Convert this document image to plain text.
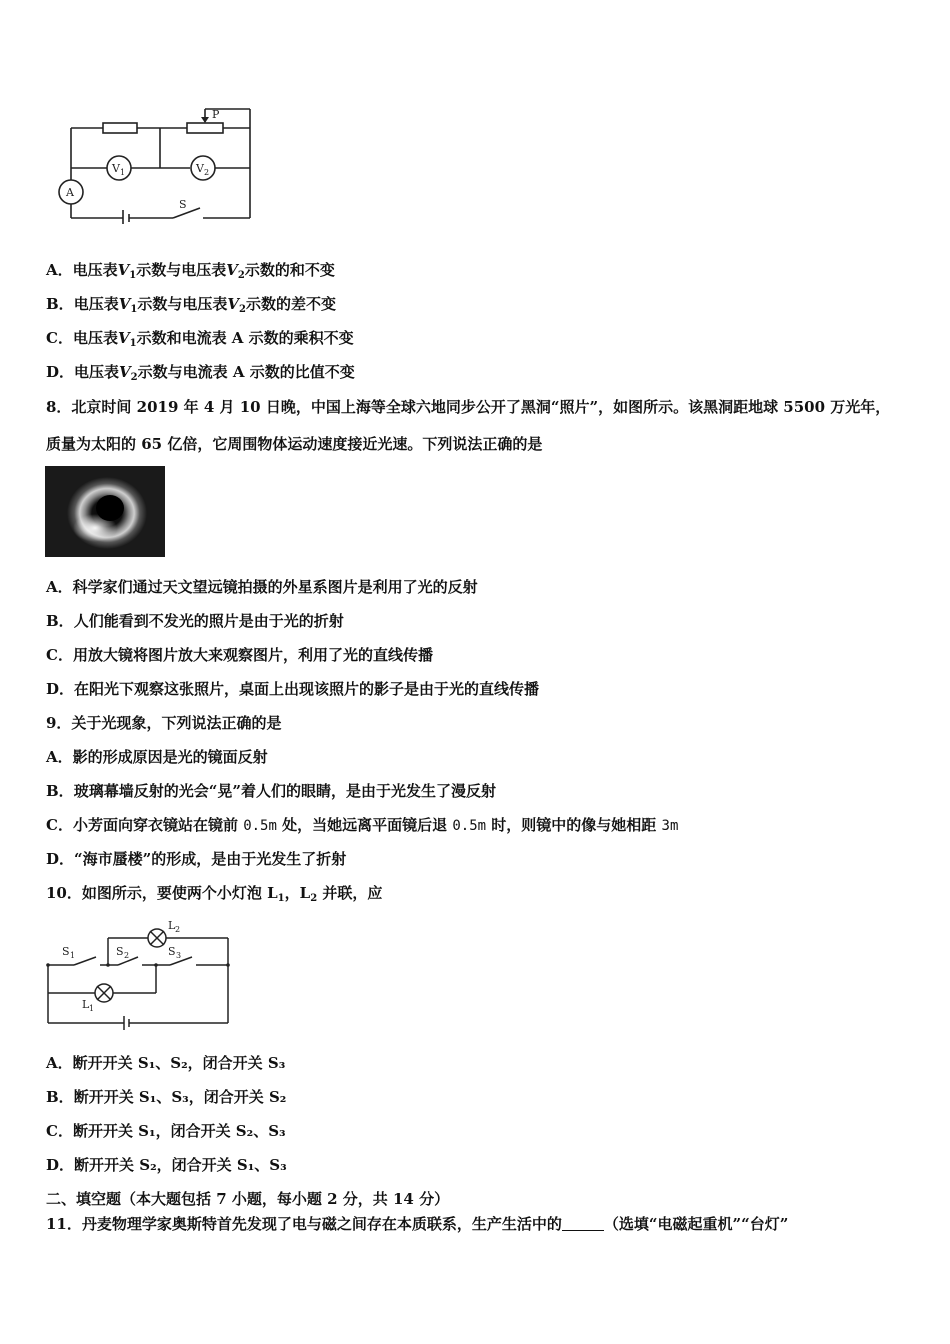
P
V 1	V 2
A
S
A．电压表$V_1$示数与电压表$V_2$示数的和不变
B．电压表$V_1$示数与电压表$V_2$示数的差不变
C．电压表$V_1$示数和电流表 A 示数的乘积不变
D．电压表$V_2$示数与电流表 A 示数的比值不变
8．北京时间 2019 年 4 月 10 日晚，中国上海等全球六地同步公开了黑洞“照片”，如图所示。该黑洞距地球 5500 万光年，
质量为太阳的 65 亿倍，它周围物体运动速度接近光速。下列说法正确的是
A．科学家们通过天文望远镜拍摄的外星系图片是利用了光的反射
B．人们能看到不发光的照片是由于光的折射
C．用放大镜将图片放大来观察图片，利用了光的直线传播
D．在阳光下观察这张照片，桌面上出现该照片的影子是由于光的直线传播
9．关于光现象，下列说法正确的是
A．影的形成原因是光的镜面反射
B．玻璃幕墙反射的光会“晃”着人们的眼睛，是由于光发生了漫反射
C．小芳面向穿衣镜站在镜前 0.5m 处，当她远离平面镜后退 0.5m 时，则镜中的像与她相距 3m
D．“海市蜃楼”的形成，是由于光发生了折射
10．如图所示，要使两个小灯泡 $L_1$，$L_2$ 并联，应
S 1	S 2	S 3
L 1
L 2
A．断开开关 S₁、S₂，闭合开关 S₃
B．断开开关 S₁、S₃，闭合开关 S₂
C．断开开关 S₁，闭合开关 S₂、S₃
D．断开开关 S₂，闭合开关 S₁、S₃
二、填空题（本大题包括 7 小题，每小题 2 分，共 14 分）
11．丹麦物理学家奥斯特首先发现了电与磁之间存在本质联系，生产生活中的	（选填“电磁起重机”“台灯”
